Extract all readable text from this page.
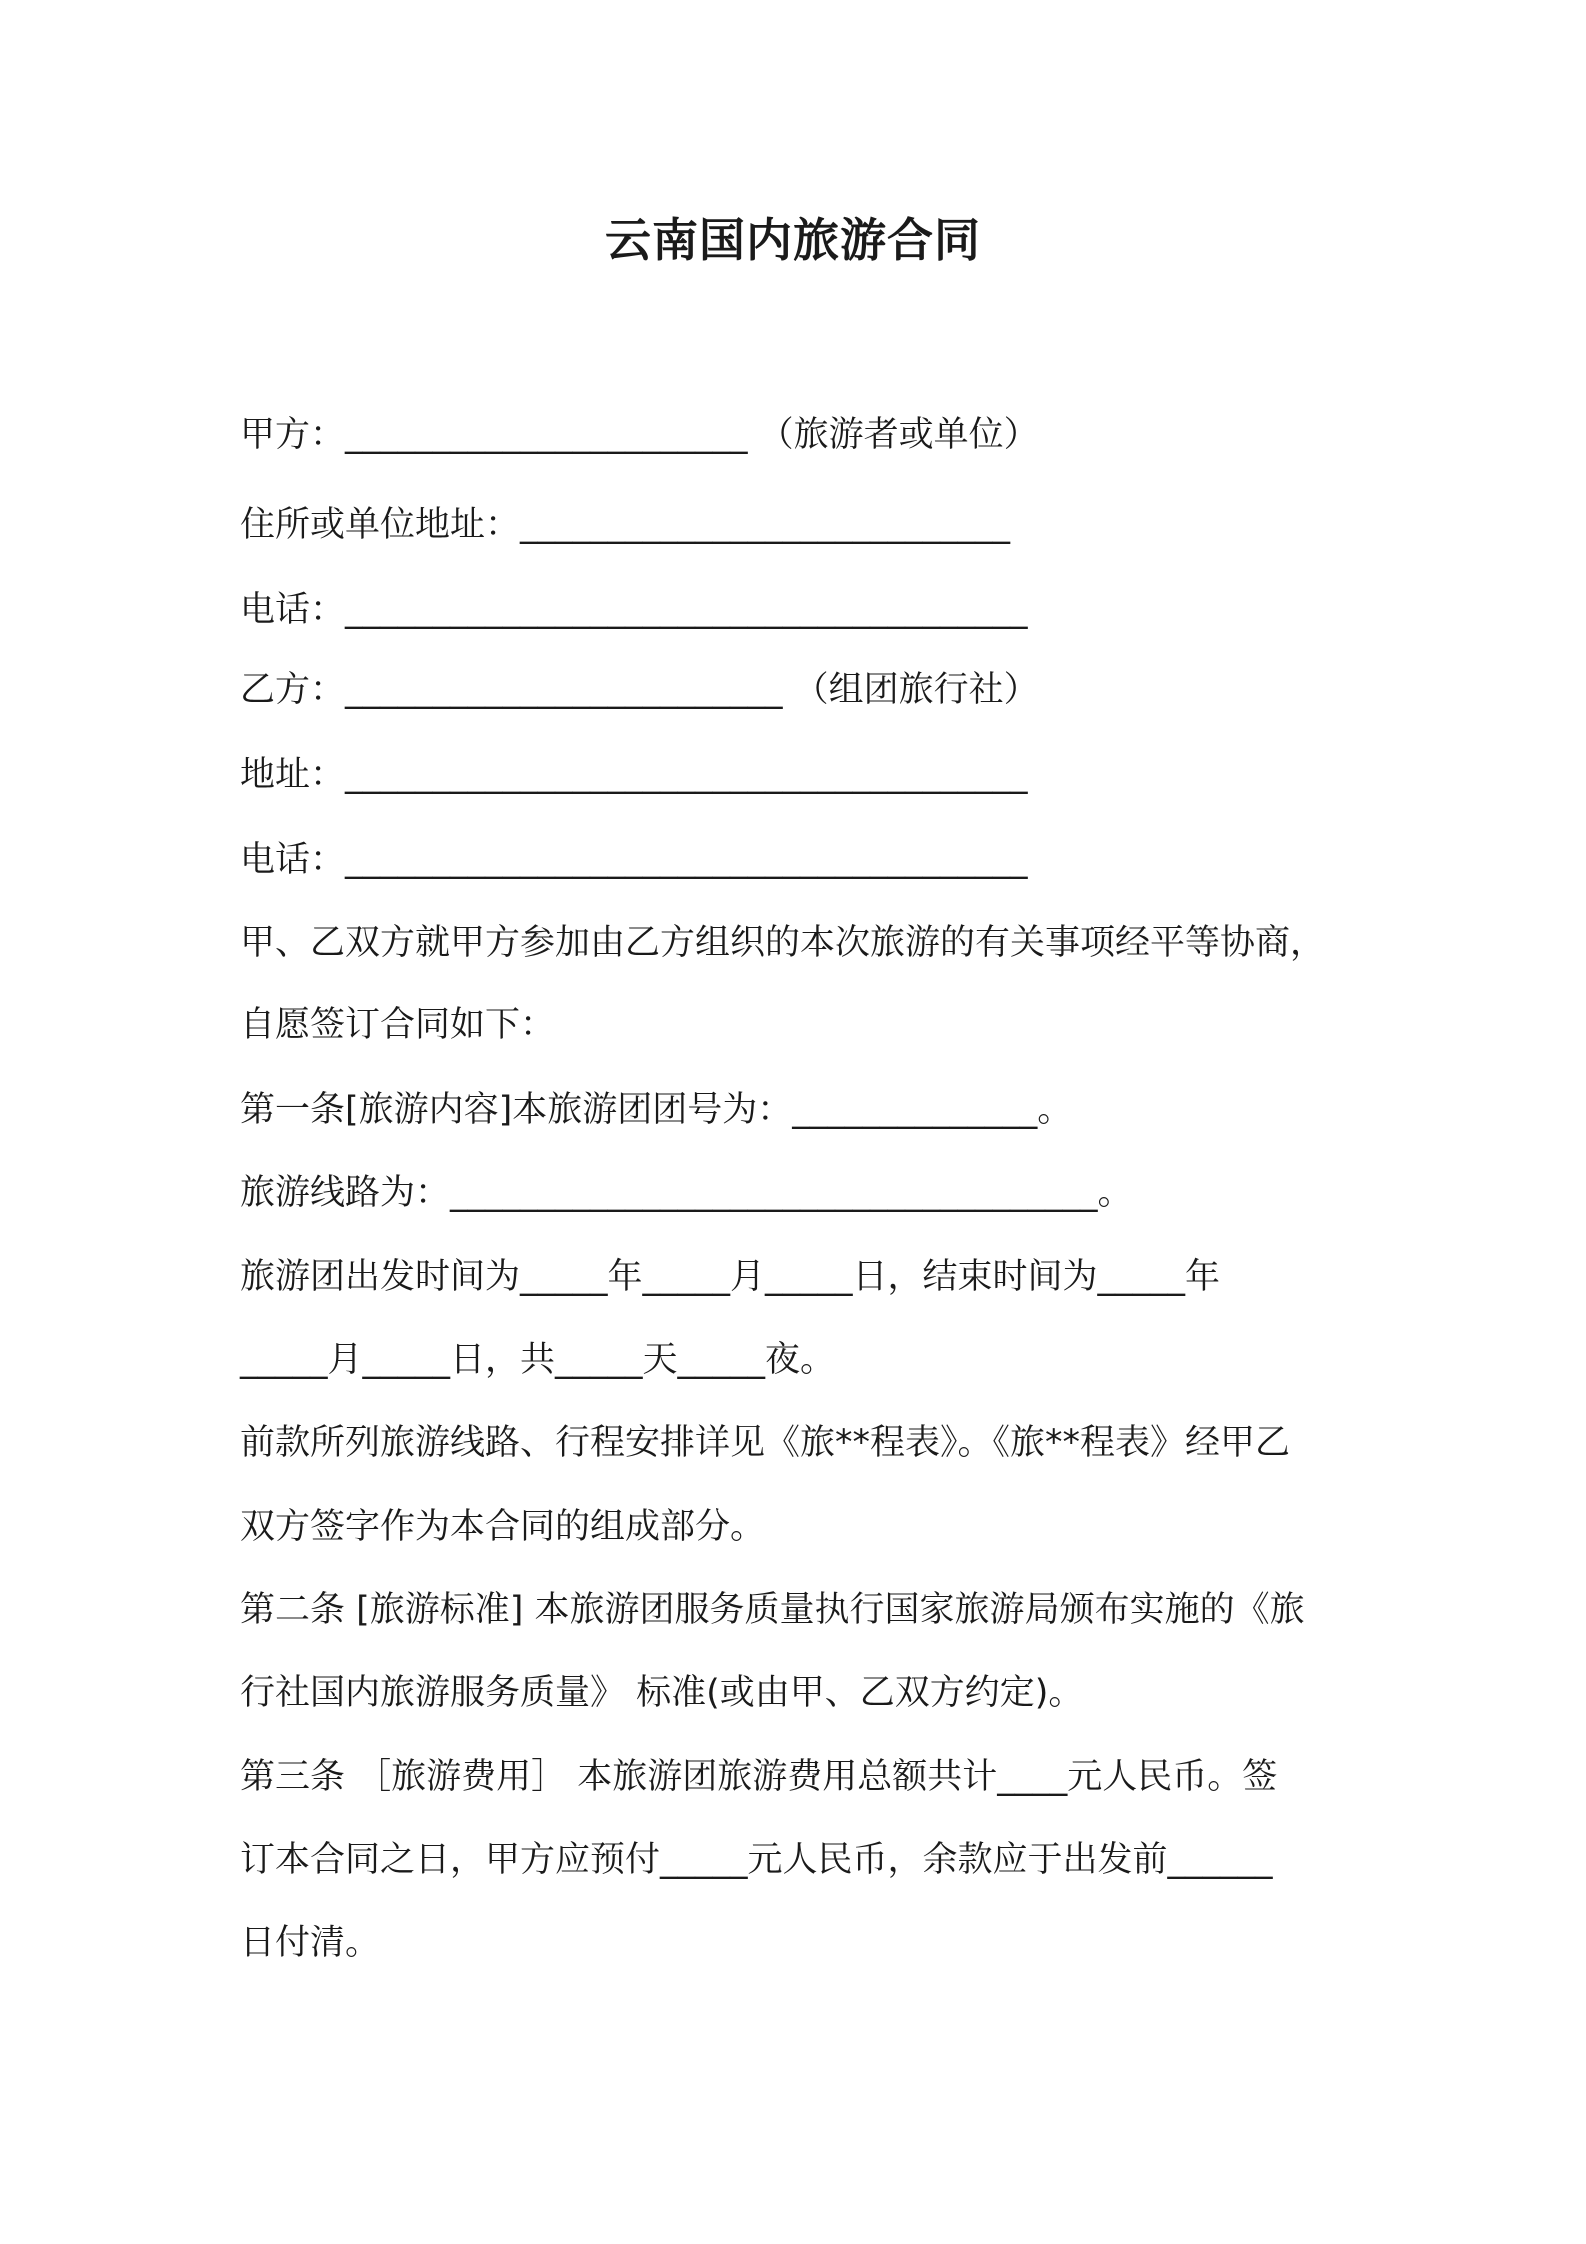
云南国内旅游合同
甲方：_______________________ （旅游者或单位）
住所或单位地址：____________________________
电话：_______________________________________
乙方：_________________________ （组团旅行社）
地址：_______________________________________
电话：_______________________________________
甲、乙双方就甲方参加由乙方组织的本次旅游的有关事项经平等协商，
自愿签订合同如下：
第一条[旅游内容]本旅游团团号为：______________。
旅游线路为：_____________________________________。
旅游团出发时间为_____年_____月_____日，结束时间为_____年
_____月_____日，共_____天_____夜。
前款所列旅游线路、行程安排详见《旅**程表》。《旅**程表》经甲乙
双方签字作为本合同的组成部分。
第二条 [旅游标准] 本旅游团服务质量执行国家旅游局颁布实施的《旅
行社国内旅游服务质量》 标准(或由甲、乙双方约定)。
第三条 ［旅游费用］ 本旅游团旅游费用总额共计____元人民币。签
订本合同之日，甲方应预付_____元人民币，余款应于出发前______
日付清。
